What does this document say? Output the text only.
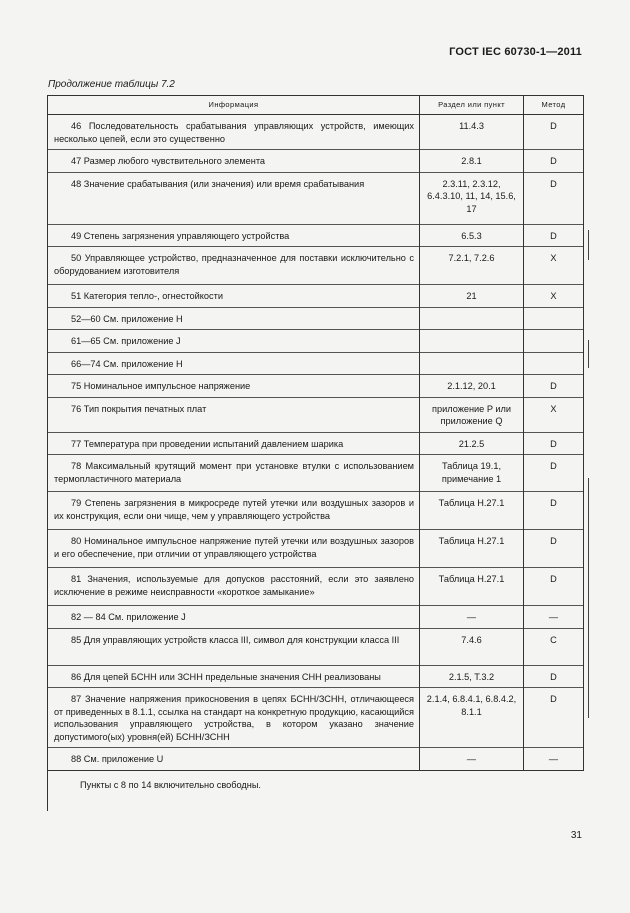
ГОСТ IEC 60730-1—2011
Продолжение таблицы 7.2
Информация	Раздел или пункт	Метод
46 Последовательность срабатывания управляющих устройств, имеющих несколько цепей, если это существенно	11.4.3	D
47 Размер любого чувствительного элемента	2.8.1	D
48 Значение срабатывания (или значения) или время срабатывания	2.3.11, 2.3.12, 6.4.3.10, 11, 14, 15.6, 17	D
49 Степень загрязнения управляющего устройства	6.5.3	D
50 Управляющее устройство, предназначенное для поставки исключительно с оборудованием изготовителя	7.2.1, 7.2.6	X
51 Категория тепло-, огнестойкости	21	X
52—60 См. приложение H		
61—65 См. приложение J		
66—74 См. приложение H		
75 Номинальное импульсное напряжение	2.1.12, 20.1	D
76 Тип покрытия печатных плат	приложение P или приложение Q	X
77 Температура при проведении испытаний давлением шарика	21.2.5	D
78 Максимальный крутящий момент при установке втулки с использованием термопластичного материала	Таблица 19.1, примечание 1	D
79 Степень загрязнения в микросреде путей утечки или воздушных зазоров и их конструкция, если они чище, чем у управляющего устройства	Таблица H.27.1	D
80 Номинальное импульсное напряжение путей утечки или воздушных зазоров и его обеспечение, при отличии от управляющего устройства	Таблица H.27.1	D
81 Значения, используемые для допусков расстояний, если это заявлено исключение в режиме неисправности «короткое замыкание»	Таблица H.27.1	D
82 — 84 См. приложение J	—	—
85 Для управляющих устройств класса III, символ для конструкции класса III	7.4.6	C
86 Для цепей БСНН или ЗСНН предельные значения СНН реализованы	2.1.5, T.3.2	D
87 Значение напряжения прикосновения в цепях БСНН/ЗСНН, отличающееся от приведенных в 8.1.1, ссылка на стандарт на конкретную продукцию, касающийся использования управляющего устройства, в котором указано значение допустимого(ых) уровня(ей) БСНН/ЗСНН	2.1.4, 6.8.4.1, 6.8.4.2, 8.1.1	D
88 См. приложение U	—	—
Пункты с 8 по 14 включительно свободны.		
31
